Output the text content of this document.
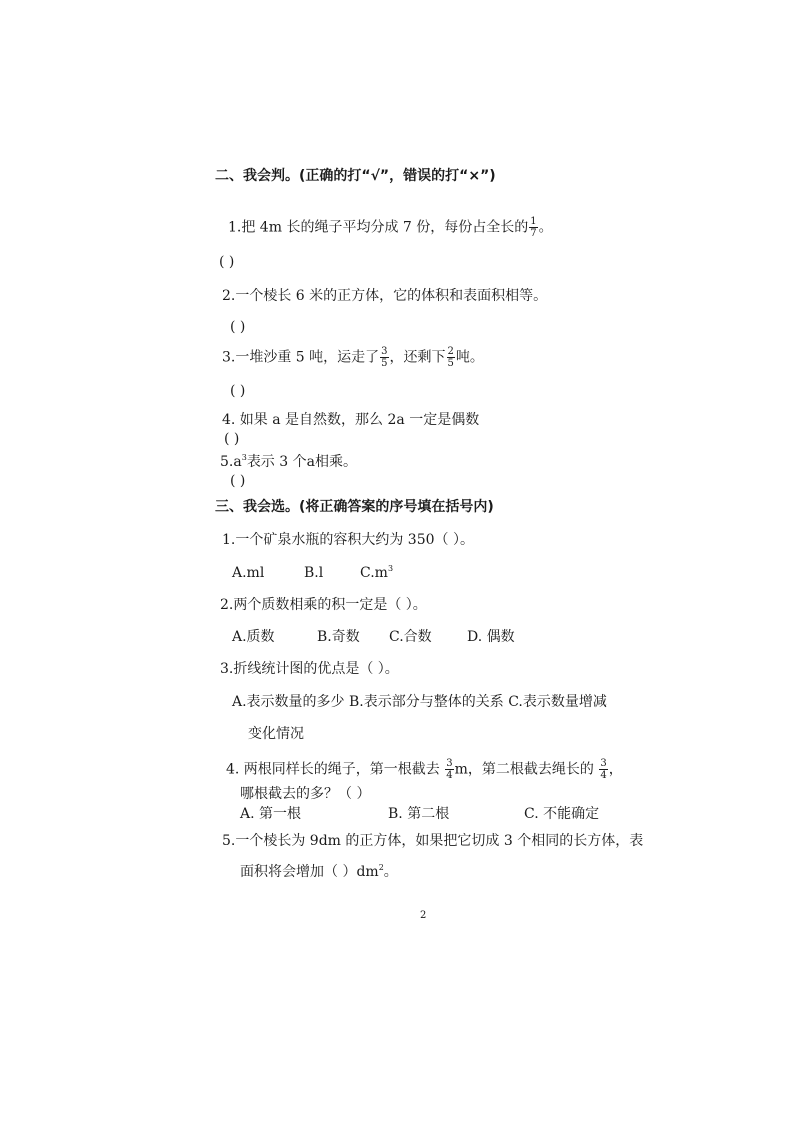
二、我会判。(正确的打“√”，错误的打“×”)
1.把 4m 长的绳子平均分成 7 份，每份占全长的 $\frac{1}{7}$ 。
( )
2.一个棱长 6 米的正方体，它的体积和表面积相等。
( )
3.一堆沙重 5 吨，运走了 $\frac{3}{5}$ ，还剩下 $\frac{2}{5}$ 吨。
( )
4. 如果 a 是自然数，那么 2a 一定是偶数
( )
$5.a^3$表示 3 个a相乘。
( )
三、我会选。(将正确答案的序号填在括号内)
1.一个矿泉水瓶的容积大约为 350（ ）。
A.ml	B.l	$C.m^3$
2.两个质数相乘的积一定是（ ）。
A.质数	B.奇数 C.合数	D. 偶数
3.折线统计图的优点是（ ）。
A.表示数量的多少 B.表示部分与整体的关系 C.表示数量增减
变化情况
4. 两根同样长的绳子，第一根截去 $\frac{3}{4}$ m，第二根截去绳长的 $\frac{3}{4}$ ，
哪根截去的多？（ ）
A. 第一根	B. 第二根	C. 不能确定
5.一个棱长为 9dm 的正方体，如果把它切成 3 个相同的长方体，表
面积将会增加（ ）$dm^2$。
2
